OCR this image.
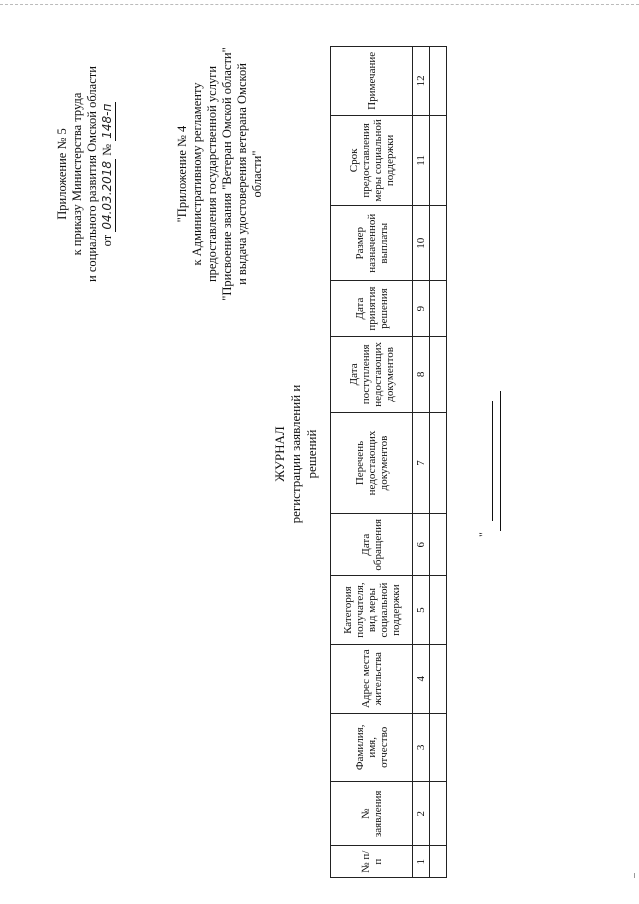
Приложение № 5 к приказу Министерства труда и социального развития Омской области от 04.03.2018 № 148-п
"Приложение № 4 к Административному регламенту предоставления государственной услуги "Присвоение звания "Ветеран Омской области" и выдача удостоверения ветерана Омской области"
ЖУРНАЛ регистрации заявлений и решений
№ п/п	№ заявления	Фамилия, имя, отчество	Адрес места жительства	Категория получателя, вид меры социальной поддержки	Дата обращения	Перечень недостающих документов	Дата поступления недостающих документов	Дата принятия решения	Размер назначенной выплаты	Срок предоставления меры социальной поддержки	Примечание
1	2	3	4	5	6	7	8	9	10	11	12

"
